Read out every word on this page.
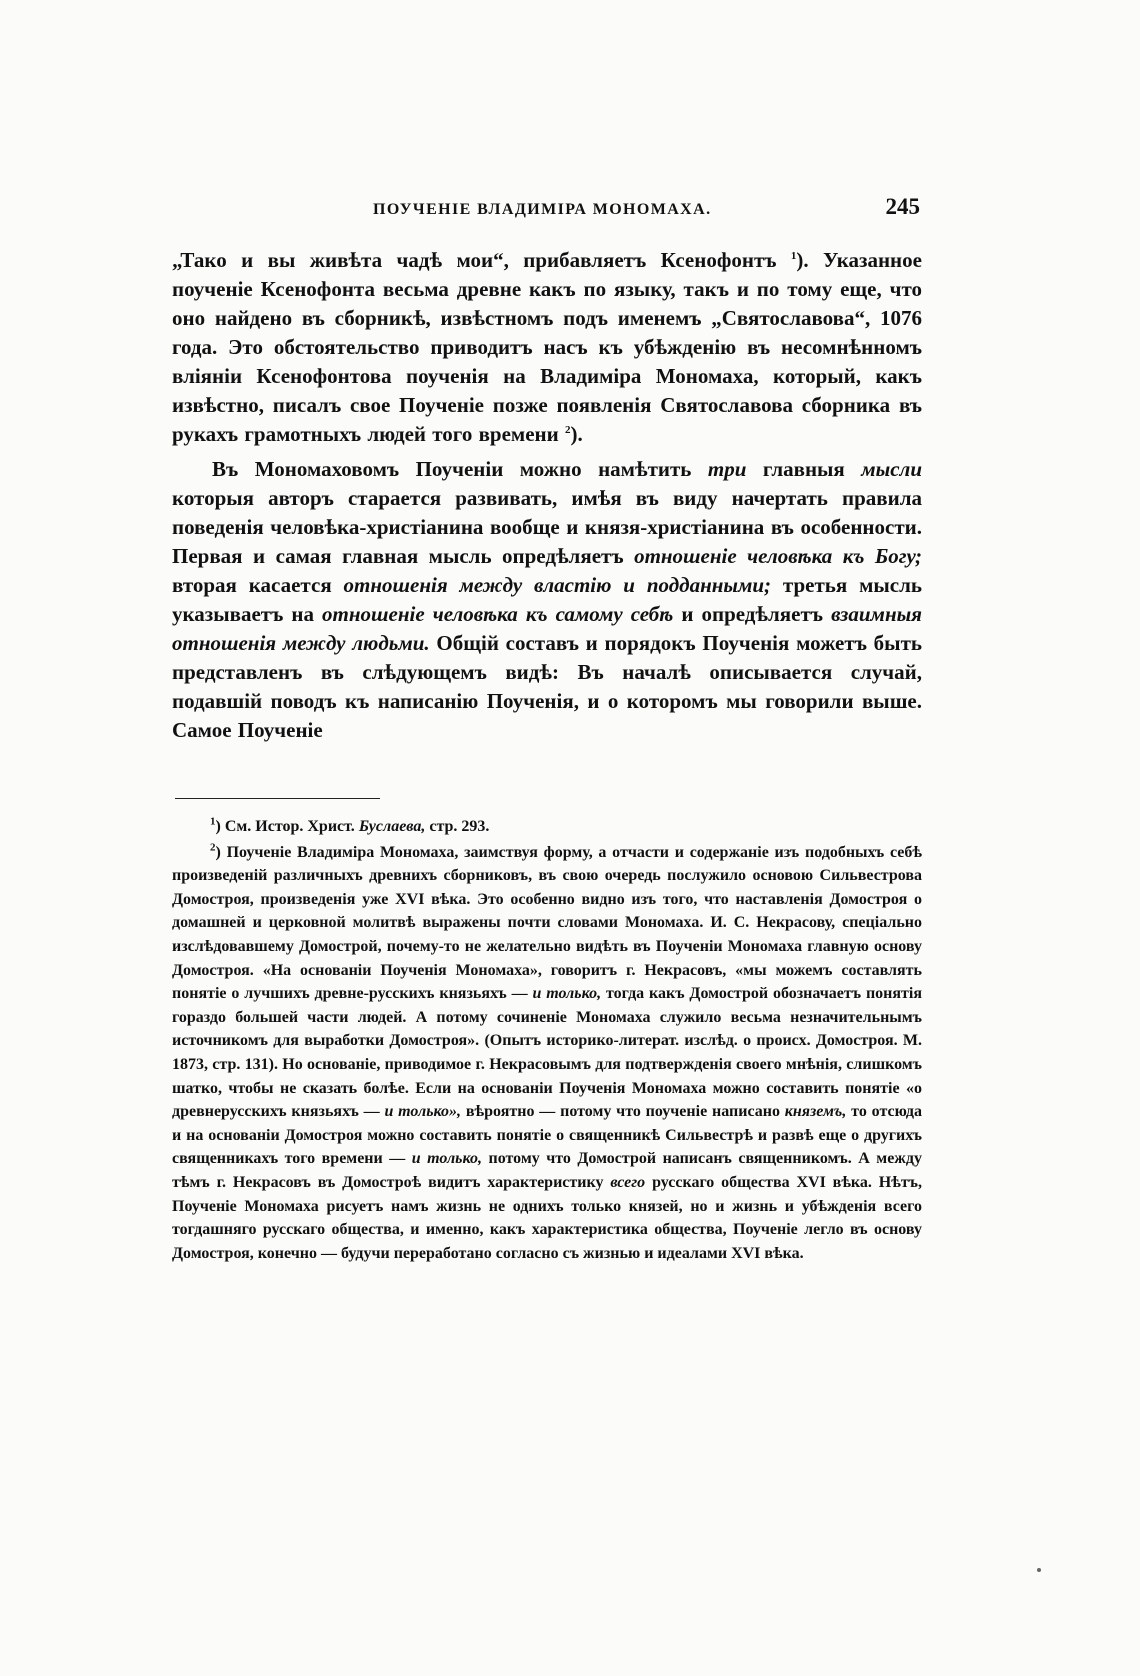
ПОУЧЕНІЕ ВЛАДИМІРА МОНОМАХА.	245

„Тако и вы живѣта чадѣ мои“, прибавляетъ Ксенофонтъ $^1$). Указанное поученіе Ксенофонта весьма древне какъ по языку, такъ и по тому еще, что оно найдено въ сборникѣ, извѣстномъ подъ именемъ „Святославова“, 1076 года. Это обстоятельство приводитъ насъ къ убѣжденію въ несомнѣнномъ вліяніи Ксенофонтова поученія на Владиміра Мономаха, который, какъ извѣстно, писалъ свое Поученіе позже появленія Святославова сборника въ рукахъ грамотныхъ людей того времени $^2$).

Въ Мономаховомъ Поученіи можно намѣтить три главныя мысли которыя авторъ старается развивать, имѣя въ виду начертать правила поведенія человѣка-христіанина вообще и князя-христіанина въ особенности. Первая и самая главная мысль опредѣляетъ отношеніе человѣка къ Богу; вторая касается отношенія между властію и подданными; третья мысль указываетъ на отношеніе человѣка къ самому себѣ и опредѣляетъ взаимныя отношенія между людьми. Общій составъ и порядокъ Поученія можетъ быть представленъ въ слѣдующемъ видѣ: Въ началѣ описывается случай, подавшій поводъ къ написанію Поученія, и о которомъ мы говорили выше. Самое Поученіе

$^1$) См. Истор. Христ. Буслаева, стр. 293.

$^2$) Поученіе Владиміра Мономаха, заимствуя форму, а отчасти и содержаніе изъ подобныхъ себѣ произведеній различныхъ древнихъ сборниковъ, въ свою очередь послужило основою Сильвестрова Домостроя, произведенія уже XVI вѣка. Это особенно видно изъ того, что наставленія Домостроя о домашней и церковной молитвѣ выражены почти словами Мономаха. И. С. Некрасову, спеціально изслѣдовавшему Домострой, почему-то не желательно видѣть въ Поученіи Мономаха главную основу Домостроя. «На основаніи Поученія Мономаха», говоритъ г. Некрасовъ, «мы можемъ составлять понятіе о лучшихъ древне-русскихъ князьяхъ — и только, тогда какъ Домострой обозначаетъ понятія гораздо большей части людей. А потому сочиненіе Мономаха служило весьма незначительнымъ источникомъ для выработки Домостроя». (Опытъ историко-литерат. изслѣд. о происх. Домостроя. М. 1873, стр. 131). Но основаніе, приводимое г. Некрасовымъ для подтвержденія своего мнѣнія, слишкомъ шатко, чтобы не сказать болѣе. Если на основаніи Поученія Мономаха можно составить понятіе «о древнерусскихъ князьяхъ — и только», вѣроятно — потому что поученіе написано княземъ, то отсюда и на основаніи Домостроя можно составить понятіе о священникѣ Сильвестрѣ и развѣ еще о другихъ священникахъ того времени — и только, потому что Домострой написанъ священникомъ. А между тѣмъ г. Некрасовъ въ Домостроѣ видитъ характеристику всего русскаго общества XVI вѣка. Нѣтъ, Поученіе Мономаха рисуетъ намъ жизнь не однихъ только князей, но и жизнь и убѣжденія всего тогдашняго русскаго общества, и именно, какъ характеристика общества, Поученіе легло въ основу Домостроя, конечно — будучи переработано согласно съ жизнью и идеалами XVI вѣка.
